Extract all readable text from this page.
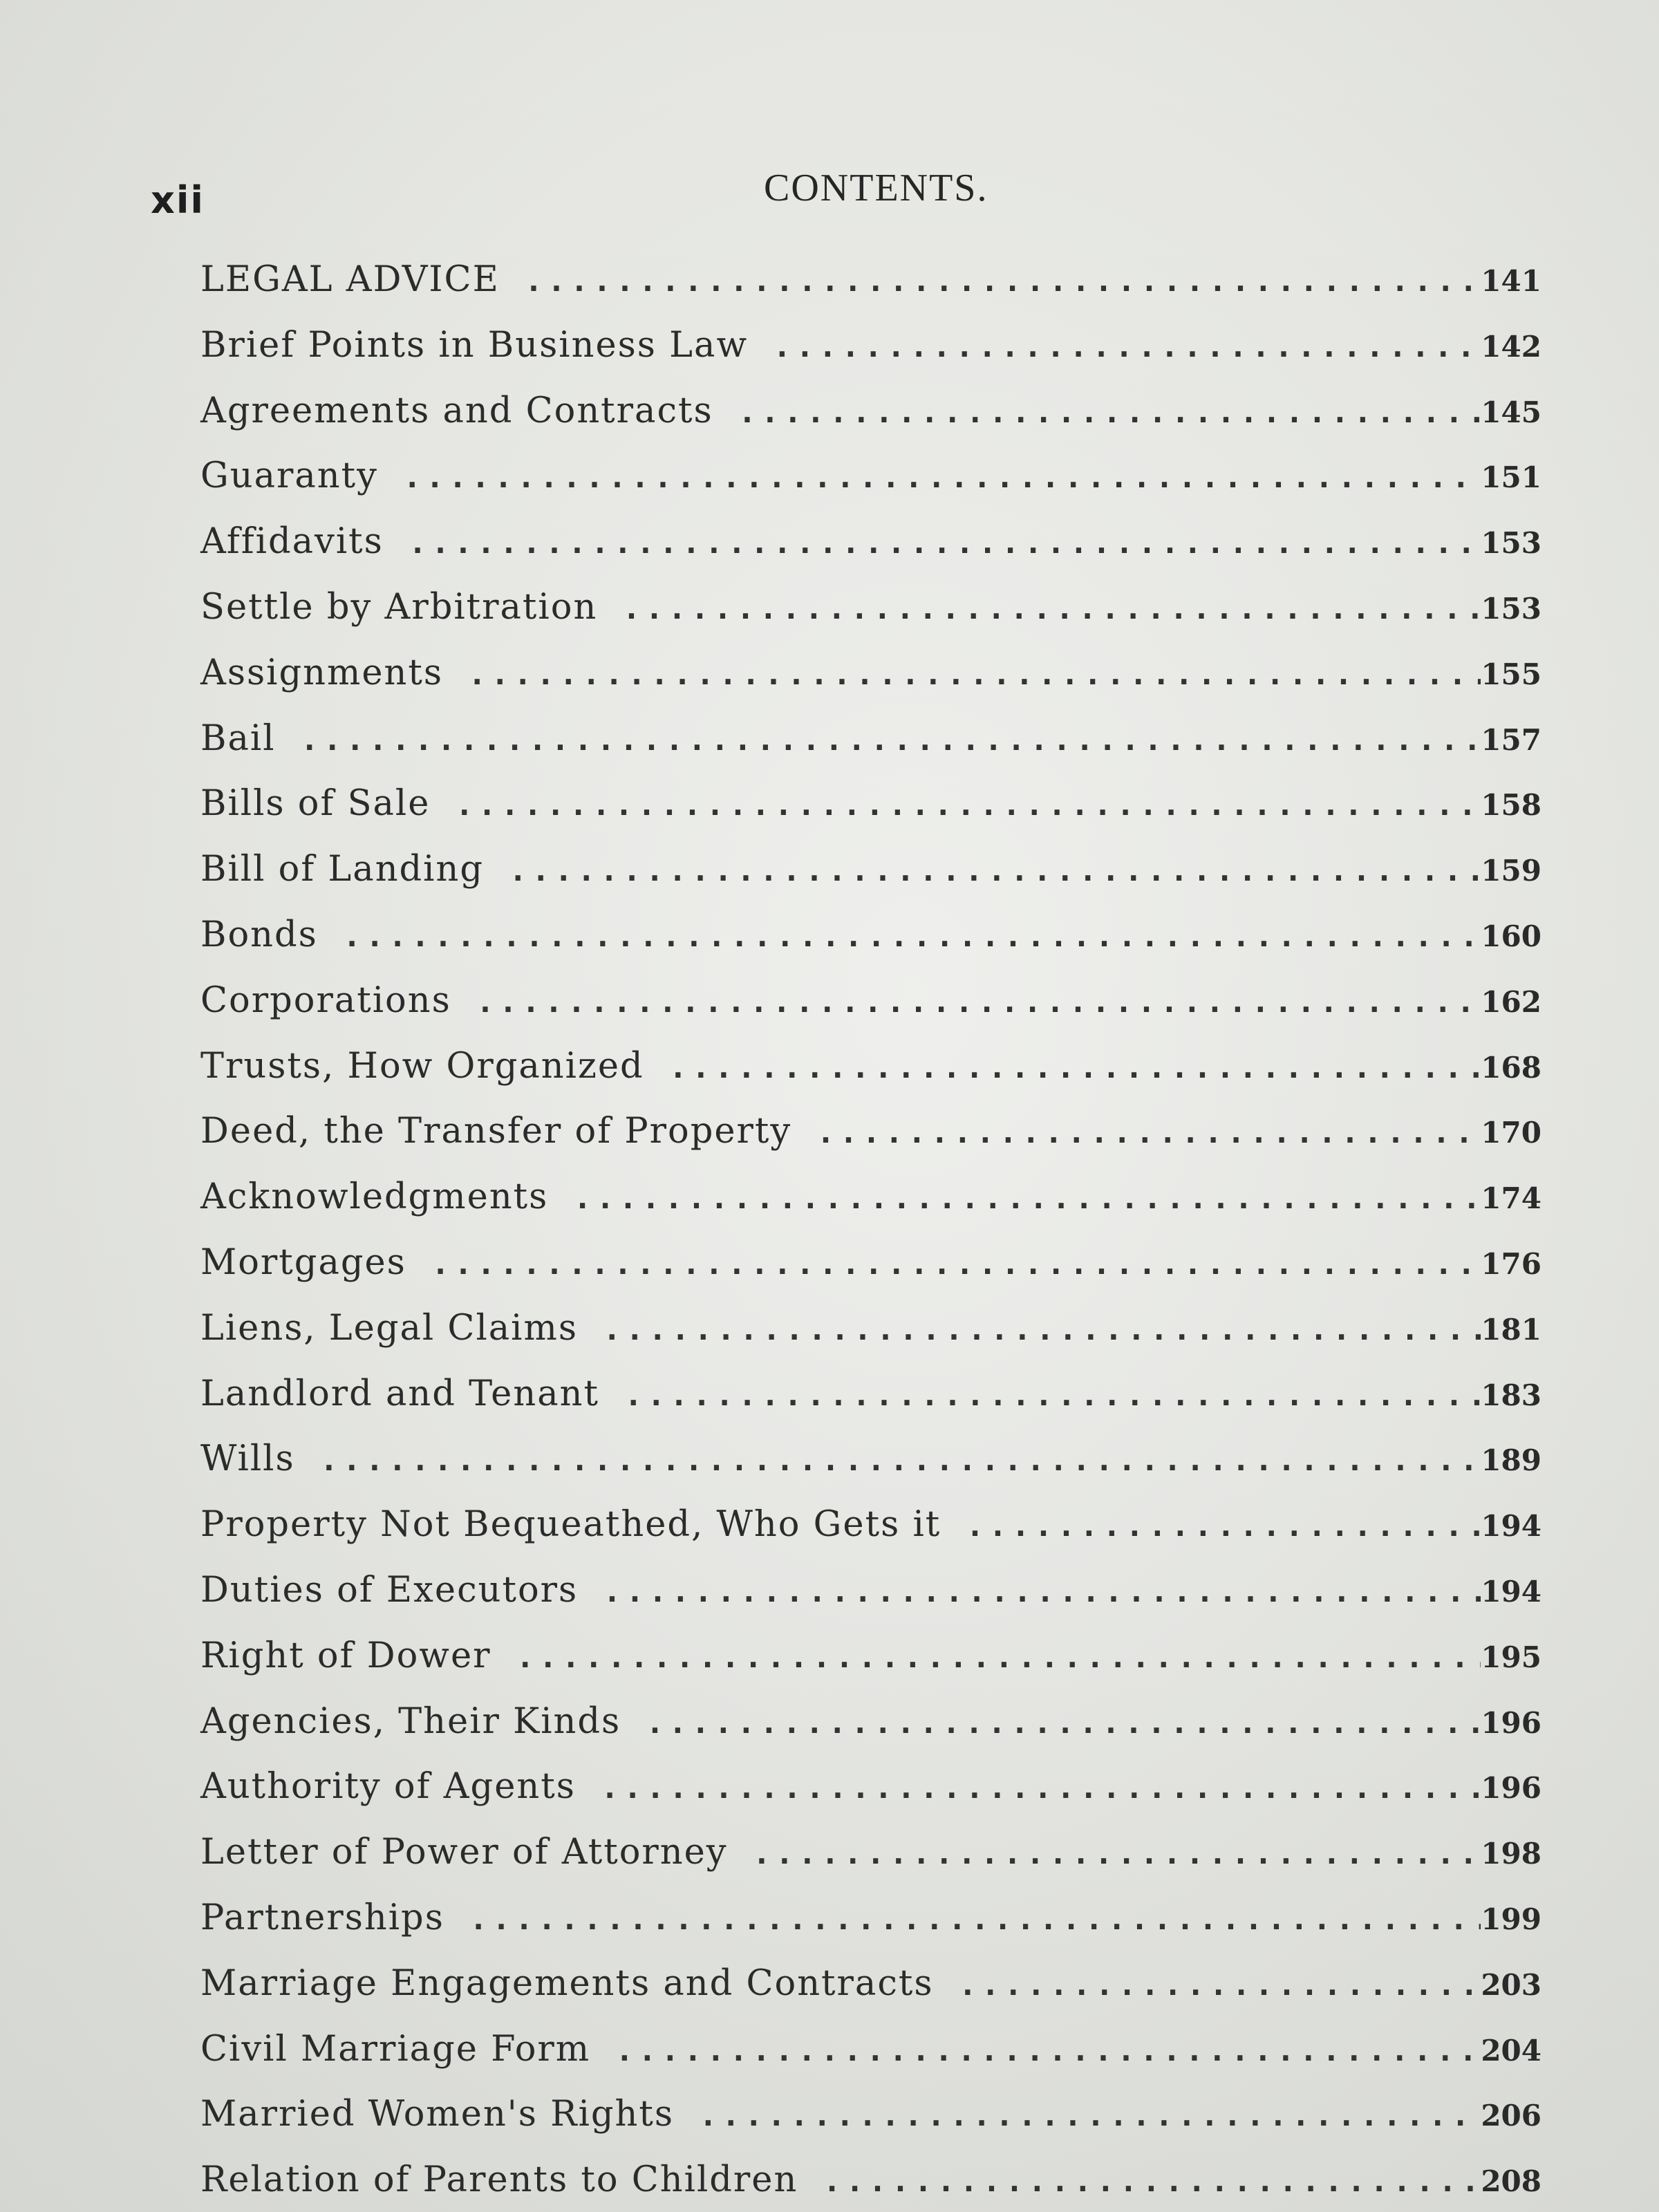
xii	CONTENTS.
LEGAL ADVICE . . .	141
Brief Points in Business Law . . .	142
Agreements and Contracts . . .	145
Guaranty . . .	151
Affidavits . . .	153
Settle by Arbitration . . .	153
Assignments . . .	155
Bail . . .	157
Bills of Sale . . .	158
Bill of Landing . . .	159
Bonds . . .	160
Corporations . . .	162
Trusts, How Organized . . .	168
Deed, the Transfer of Property . . .	170
Acknowledgments . . .	174
Mortgages . . .	176
Liens, Legal Claims . . .	181
Landlord and Tenant . . .	183
Wills . . .	189
Property Not Bequeathed, Who Gets it . . .	194
Duties of Executors . . .	194
Right of Dower . . .	195
Agencies, Their Kinds . . .	196
Authority of Agents . . .	196
Letter of Power of Attorney . . .	198
Partnerships . . .	199
Marriage Engagements and Contracts . . .	203
Civil Marriage Form . . .	204
Married Women's Rights . . .	206
Relation of Parents to Children . . .	208
